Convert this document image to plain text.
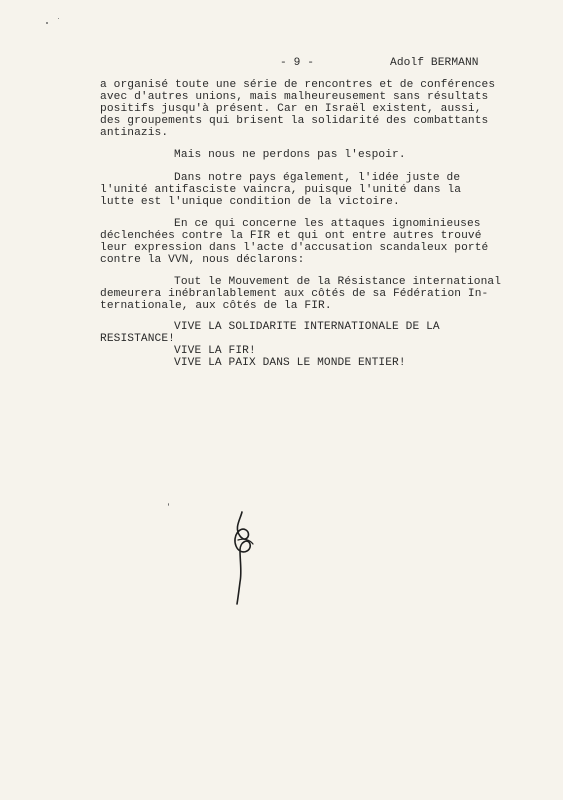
- 9 -	Adolf BERMANN
a organisé toute une série de rencontres et de conférences
avec d'autres unions, mais malheureusement sans résultats
positifs jusqu'à présent. Car en Israël existent, aussi,
des groupements qui brisent la solidarité des combattants
antinazis.
Mais nous ne perdons pas l'espoir.
Dans notre pays également, l'idée juste de
l'unité antifasciste vaincra, puisque l'unité dans la
lutte est l'unique condition de la victoire.
En ce qui concerne les attaques ignominieuses
déclenchées contre la FIR et qui ont entre autres trouvé
leur expression dans l'acte d'accusation scandaleux porté
contre la VVN, nous déclarons:
Tout le Mouvement de la Résistance international
demeurera inébranlablement aux côtés de sa Fédération In-
ternationale, aux côtés de la FIR.
VIVE LA SOLIDARITE INTERNATIONALE DE LA
RESISTANCE!
VIVE LA FIR!
VIVE LA PAIX DANS LE MONDE ENTIER!
